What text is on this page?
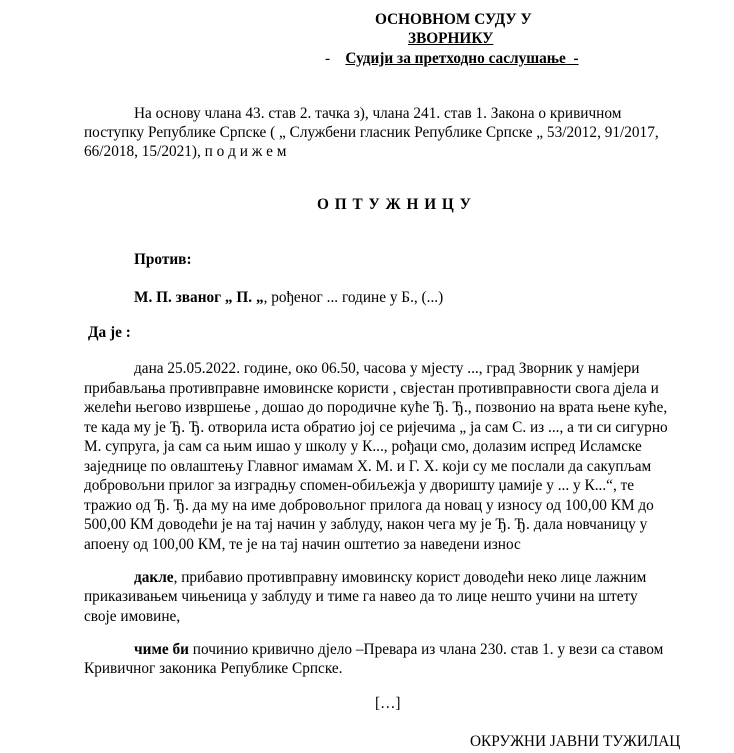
ОСНОВНОМ СУДУ У
ЗВОРНИКУ
- Судији за претходно саслушање -
На основу члана 43. став 2. тачка з), члана 241. став 1. Закона о кривичном
поступку Републике Српске ( „ Службени гласник Републике Српске „ 53/2012, 91/2017,
66/2018, 15/2021), п о д и ж е м
О П Т У Ж Н И Ц У
Против:
М. П. званог „ П. „, рођеног ... године у Б., (...)
Да је :
дана 25.05.2022. године, око 06.50, часова у мјесту ..., град Зворник у намјери
прибављања противправне имовинске користи , свјестан противправности свога дјела и
желећи његово извршење , дошао до породичне куће Ђ. Ђ., позвонио на врата њене куће,
те када му је Ђ. Ђ. отворила иста обратио јој се ријечима „ ја сам С. из ..., а ти си сигурно
М. супруга, ја сам са њим ишао у школу у К..., рођаци смо, долазим испред Исламске
заједнице по овлаштењу Главног имамам Х. М. и Г. Х. који су ме послали да сакупљам
добровољни прилог за изградњу спомен-обиљежја у дворишту џамије у ... у К...“, те
тражио од Ђ. Ђ. да му на име добровољног прилога да новац у износу од 100,00 КМ до
500,00 КМ доводећи је на тај начин у заблуду, након чега му је Ђ. Ђ. дала новчаницу у
апоену од 100,00 КМ, те је на тај начин оштетио за наведени износ
дакле, прибавио противправну имовинску корист доводећи неко лице лажним
приказивањем чињеница у заблуду и тиме га навео да то лице нешто учини на штету
своје имовине,
чиме би починио кривично дјело –Превара из члана 230. став 1. у вези са ставом
Кривичног законика Републике Српске.
[…]
ОКРУЖНИ ЈАВНИ ТУЖИЛАЦ
